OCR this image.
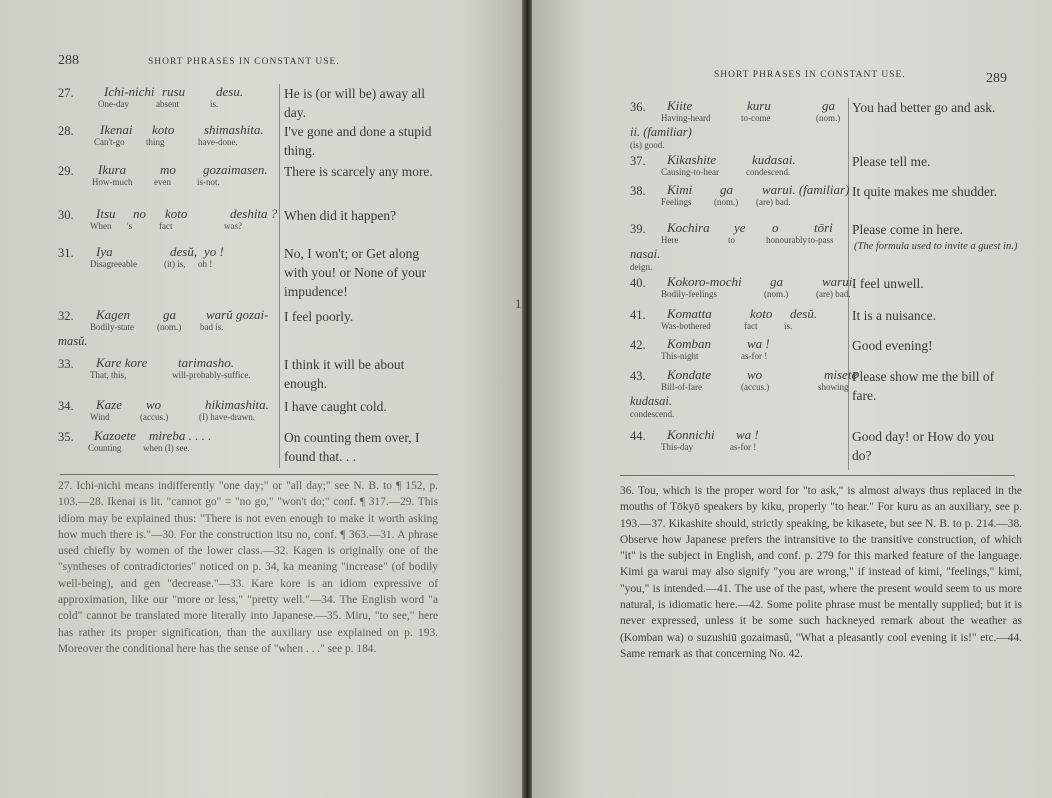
288	SHORT PHRASES IN CONSTANT USE.
27. Ichi-nichi
One-day
rusu
absent
desu.
is.
He is (or will be) away all day.
28. Ikenai
Can't-go
koto
thing
shimashita.
have-done.
I've gone and done a stupid thing.
29. Ikura
How-much
mo
even
gozaimasen.
is-not.
There is scarcely any more.
30. Itsu
When
no
's
koto
fact
deshita ?
was?
When did it happen?
31. Iya
Disagreeable
desŭ,
(it) is,
yo !
oh !
No, I won't; or Get along with you! or None of your impudence!
32. Kagen
Bodily-state
ga
(nom.)
warŭ gozai-
bad is.
masŭ.
I feel poorly.
33. Kare kore
That, this,
tarimasho.
will-probably-suffice.
I think it will be about enough.
34. Kaze
Wind
wo
(accus.)
hikimashita.
(I) have-drawn.
I have caught cold.
35. Kazoete
Counting
mireba . . . .
when (I) see.
On counting them over, I found that. . .
27. Ichi-nichi means indifferently "one day;" or "all day;" see N. B. to ¶ 152, p. 103.—28. Ikenai is lit. "cannot go" = "no go," "won't do;" conf. ¶ 317.—29. This idiom may be explained thus: "There is not even enough to make it worth asking how much there is."—30. For the construction itsu no, conf. ¶ 363.—31. A phrase used chiefly by women of the lower class.—32. Kagen is originally one of the "syntheses of contradictories" noticed on p. 34, ka meaning "increase" (of bodily well-being), and gen "decrease."—33. Kare kore is an idiom expressive of approximation, like our "more or less," "pretty well."—34. The English word "a cold" cannot be translated more literally into Japanese.—35. Miru, "to see," here has rather its proper signification, than the auxiliary use explained on p. 193. Moreover the conditional here has the sense of "when . . ." see p. 184.
1
SHORT PHRASES IN CONSTANT USE.	289
36. Kiite
Having-heard
kuru
to-come
ga
(nom.)
ii. (familiar)
(is) good.
You had better go and ask.
37. Kikashite
Causing-to-hear
kudasai.
condescend.
Please tell me.
38. Kimi
Feelings
ga
(nom.)
warui. (familiar)
(are) bad.
It quite makes me shudder.
39. Kochira
Here
ye
to
o
honourably
tōri
to-pass
nasai.
deign.
Please come in here.
(The formula used to invite a guest in.)
40. Kokoro-mochi
Bodily-feelings
ga
(nom.)
warui.
(are) bad.
I feel unwell.
41. Komatta
Was-bothered
koto
fact
desŭ.
is.
It is a nuisance.
42. Komban
This-night
wa !
as-for !
Good evening!
43. Kondate
Bill-of-fare
wo
(accus.)
misete
showing
kudasai.
condescend.
Please show me the bill of fare.
44. Konnichi
This-day
wa !
as-for !
Good day! or How do you do?
36. Tou, which is the proper word for "to ask," is almost always thus replaced in the mouths of Tōkyō speakers by kiku, properly "to hear." For kuru as an auxiliary, see p. 193.—37. Kikashite should, strictly speaking, be kikasete, but see N. B. to p. 214.—38. Observe how Japanese prefers the intransitive to the transitive construction, of which "it" is the subject in English, and conf. p. 279 for this marked feature of the language. Kimi ga warui may also signify "you are wrong," if instead of kimi, "feelings," kimi, "you," is intended.—41. The use of the past, where the present would seem to us more natural, is idiomatic here.—42. Some polite phrase must be mentally supplied; but it is never expressed, unless it be some such hackneyed remark about the weather as (Komban wa) o suzushiū gozaimasŭ, "What a pleasantly cool evening it is!" etc.—44. Same remark as that concerning No. 42.
